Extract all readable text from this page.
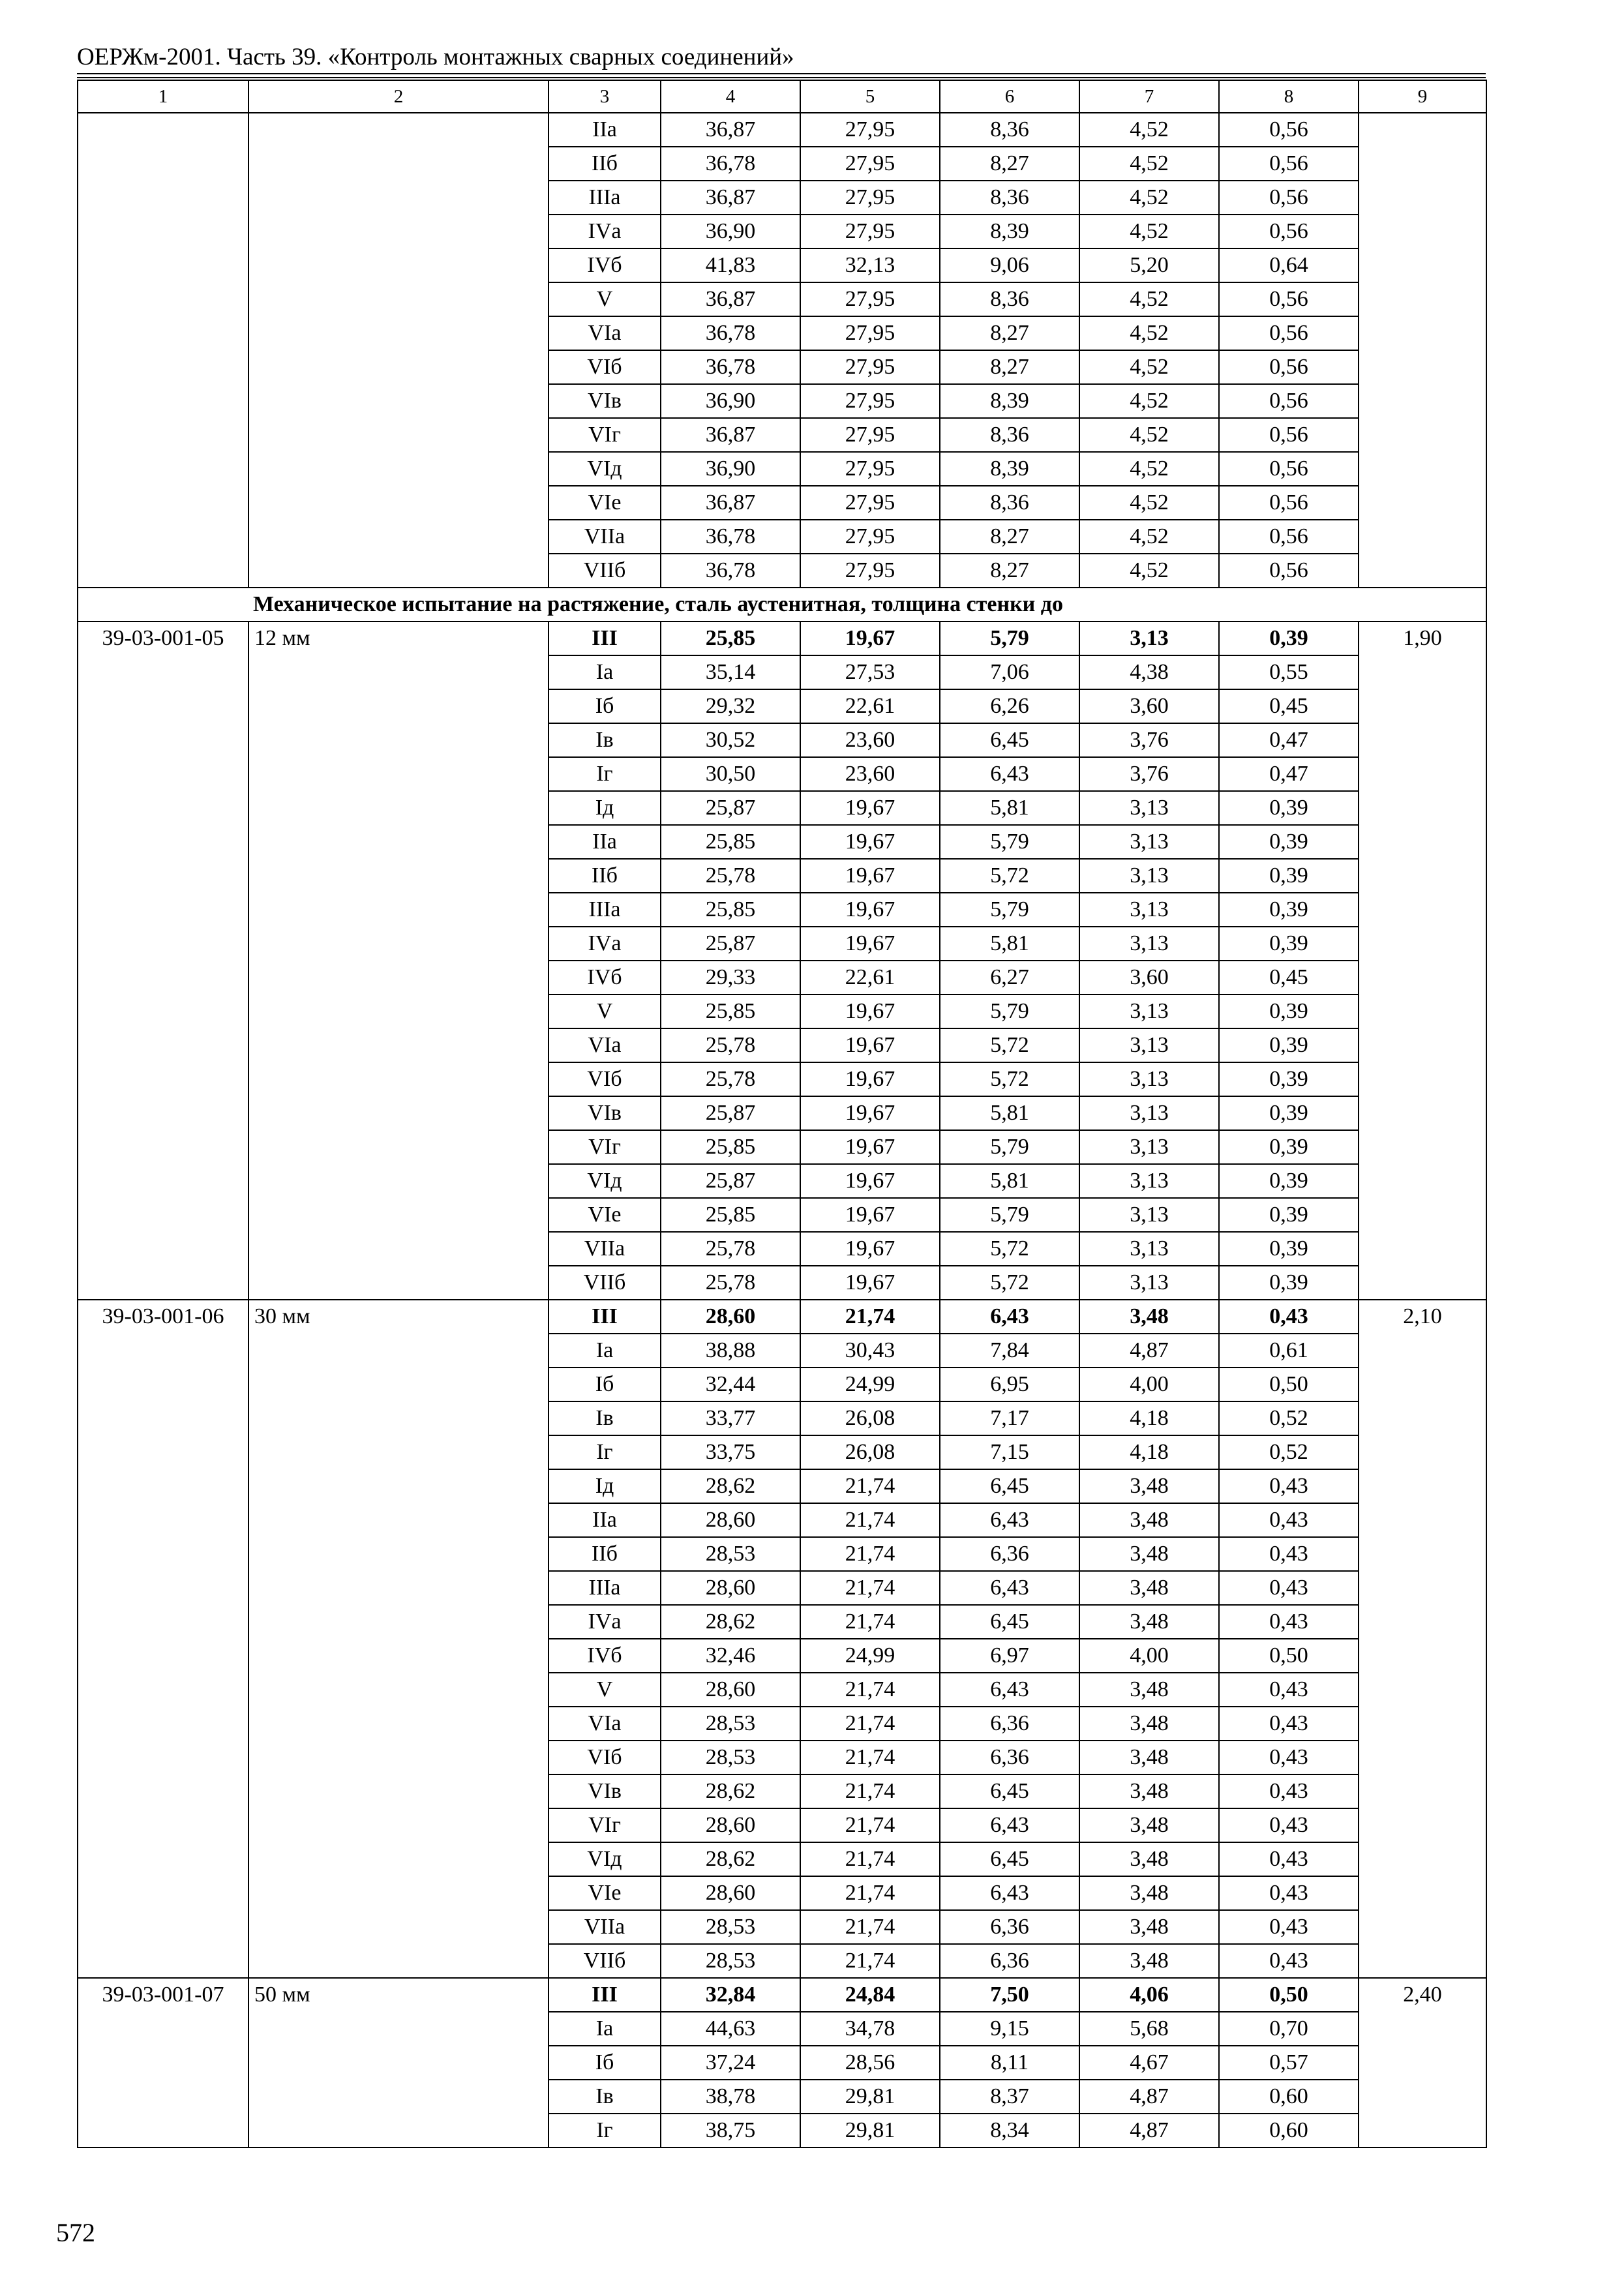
ОЕРЖм-2001. Часть 39. «Контроль монтажных сварных соединений»
1	2	3	4	5	6	7	8	9
		IIа	36,87	27,95	8,36	4,52	0,56	
		IIб	36,78	27,95	8,27	4,52	0,56	
		IIIа	36,87	27,95	8,36	4,52	0,56	
		IVа	36,90	27,95	8,39	4,52	0,56	
		IVб	41,83	32,13	9,06	5,20	0,64	
		V	36,87	27,95	8,36	4,52	0,56	
		VIа	36,78	27,95	8,27	4,52	0,56	
		VIб	36,78	27,95	8,27	4,52	0,56	
		VIв	36,90	27,95	8,39	4,52	0,56	
		VIг	36,87	27,95	8,36	4,52	0,56	
		VIд	36,90	27,95	8,39	4,52	0,56	
		VIе	36,87	27,95	8,36	4,52	0,56	
		VIIа	36,78	27,95	8,27	4,52	0,56	
		VIIб	36,78	27,95	8,27	4,52	0,56	
Механическое испытание на растяжение, сталь аустенитная, толщина стенки до								
39-03-001-05	12 мм	III	25,85	19,67	5,79	3,13	0,39	1,90
		Iа	35,14	27,53	7,06	4,38	0,55	
		Iб	29,32	22,61	6,26	3,60	0,45	
		Iв	30,52	23,60	6,45	3,76	0,47	
		Iг	30,50	23,60	6,43	3,76	0,47	
		Iд	25,87	19,67	5,81	3,13	0,39	
		IIа	25,85	19,67	5,79	3,13	0,39	
		IIб	25,78	19,67	5,72	3,13	0,39	
		IIIа	25,85	19,67	5,79	3,13	0,39	
		IVа	25,87	19,67	5,81	3,13	0,39	
		IVб	29,33	22,61	6,27	3,60	0,45	
		V	25,85	19,67	5,79	3,13	0,39	
		VIа	25,78	19,67	5,72	3,13	0,39	
		VIб	25,78	19,67	5,72	3,13	0,39	
		VIв	25,87	19,67	5,81	3,13	0,39	
		VIг	25,85	19,67	5,79	3,13	0,39	
		VIд	25,87	19,67	5,81	3,13	0,39	
		VIе	25,85	19,67	5,79	3,13	0,39	
		VIIа	25,78	19,67	5,72	3,13	0,39	
		VIIб	25,78	19,67	5,72	3,13	0,39	
39-03-001-06	30 мм	III	28,60	21,74	6,43	3,48	0,43	2,10
		Iа	38,88	30,43	7,84	4,87	0,61	
		Iб	32,44	24,99	6,95	4,00	0,50	
		Iв	33,77	26,08	7,17	4,18	0,52	
		Iг	33,75	26,08	7,15	4,18	0,52	
		Iд	28,62	21,74	6,45	3,48	0,43	
		IIа	28,60	21,74	6,43	3,48	0,43	
		IIб	28,53	21,74	6,36	3,48	0,43	
		IIIа	28,60	21,74	6,43	3,48	0,43	
		IVа	28,62	21,74	6,45	3,48	0,43	
		IVб	32,46	24,99	6,97	4,00	0,50	
		V	28,60	21,74	6,43	3,48	0,43	
		VIа	28,53	21,74	6,36	3,48	0,43	
		VIб	28,53	21,74	6,36	3,48	0,43	
		VIв	28,62	21,74	6,45	3,48	0,43	
		VIг	28,60	21,74	6,43	3,48	0,43	
		VIд	28,62	21,74	6,45	3,48	0,43	
		VIе	28,60	21,74	6,43	3,48	0,43	
		VIIа	28,53	21,74	6,36	3,48	0,43	
		VIIб	28,53	21,74	6,36	3,48	0,43	
39-03-001-07	50 мм	III	32,84	24,84	7,50	4,06	0,50	2,40
		Iа	44,63	34,78	9,15	5,68	0,70	
		Iб	37,24	28,56	8,11	4,67	0,57	
		Iв	38,78	29,81	8,37	4,87	0,60	
		Iг	38,75	29,81	8,34	4,87	0,60	
572
